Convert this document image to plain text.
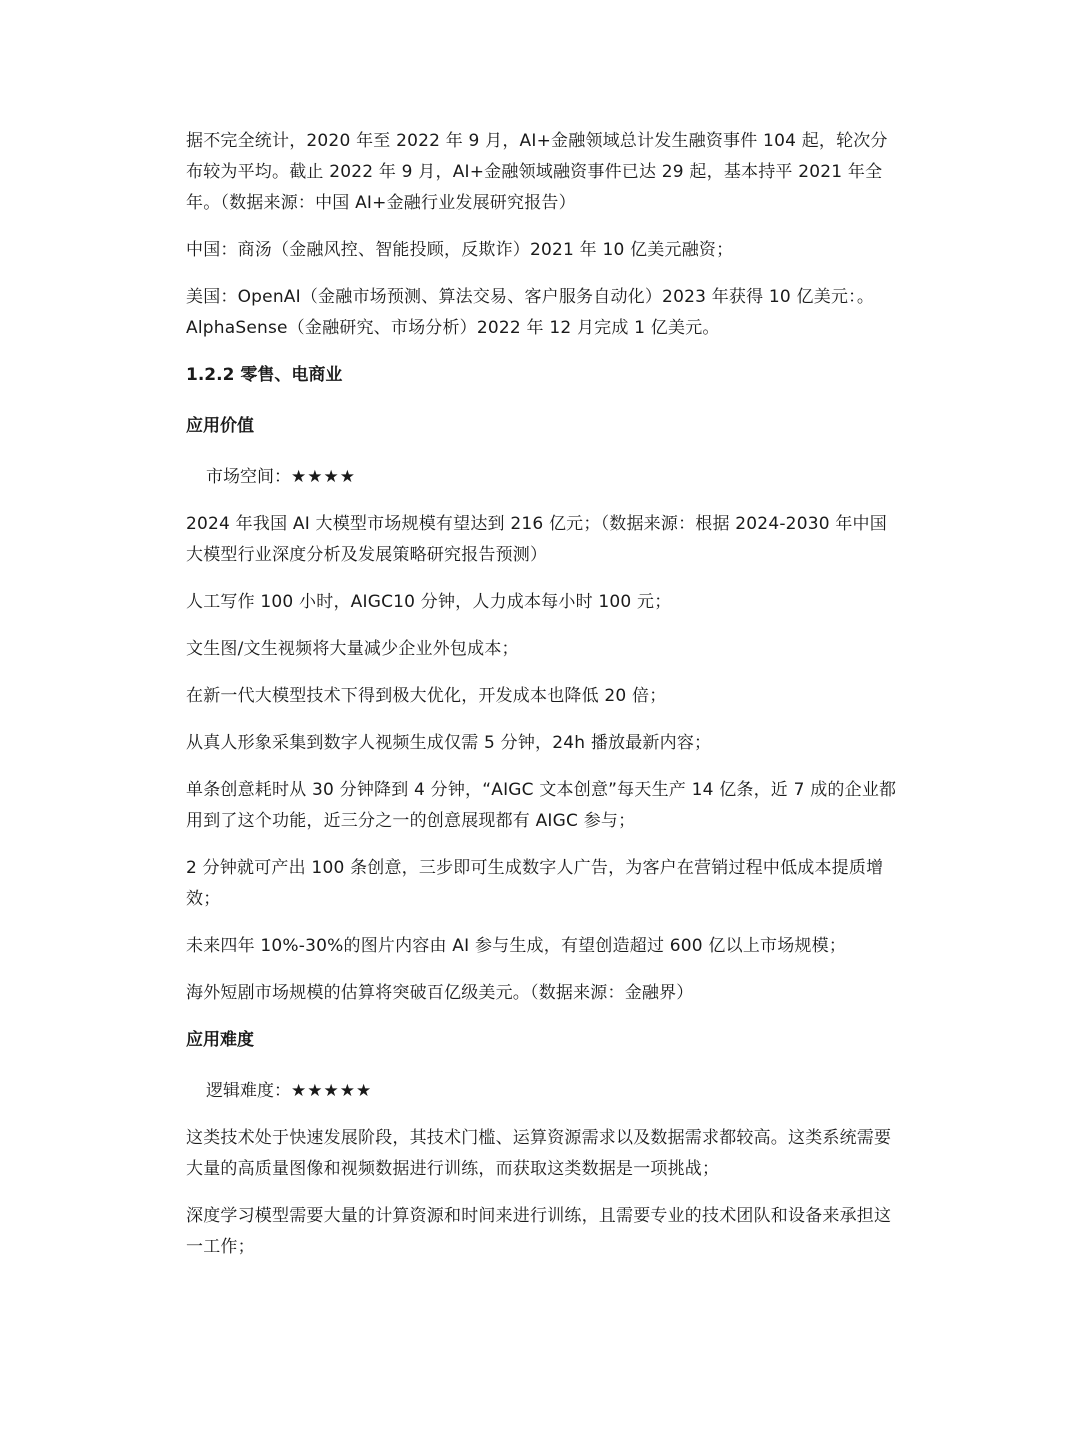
据不完全统计，2020 年至 2022 年 9 月，AI+金融领域总计发生融资事件 104 起，轮次分布较为平均。截止 2022 年 9 月，AI+金融领域融资事件已达 29 起，基本持平 2021 年全年。（数据来源：中国 AI+金融行业发展研究报告）

中国：商汤（金融风控、智能投顾，反欺诈）2021 年 10 亿美元融资；

美国：OpenAI（金融市场预测、算法交易、客户服务自动化）2023 年获得 10 亿美元：。AlphaSense（金融研究、市场分析）2022 年 12 月完成 1 亿美元。

1.2.2 零售、电商业
应用价值
市场空间：★★★★

2024 年我国 AI 大模型市场规模有望达到 216 亿元；（数据来源：根据 2024-2030 年中国大模型行业深度分析及发展策略研究报告预测）

人工写作 100 小时，AIGC10 分钟，人力成本每小时 100 元；

文生图/文生视频将大量减少企业外包成本；

在新一代大模型技术下得到极大优化，开发成本也降低 20 倍；

从真人形象采集到数字人视频生成仅需 5 分钟，24h 播放最新内容；

单条创意耗时从 30 分钟降到 4 分钟，“AIGC 文本创意”每天生产 14 亿条，近 7 成的企业都用到了这个功能，近三分之一的创意展现都有 AIGC 参与；

2 分钟就可产出 100 条创意，三步即可生成数字人广告，为客户在营销过程中低成本提质增效；

未来四年 10%-30%的图片内容由 AI 参与生成，有望创造超过 600 亿以上市场规模；

海外短剧市场规模的估算将突破百亿级美元。（数据来源：金融界）

应用难度
逻辑难度：★★★★★

这类技术处于快速发展阶段，其技术门槛、运算资源需求以及数据需求都较高。这类系统需要大量的高质量图像和视频数据进行训练，而获取这类数据是一项挑战；

深度学习模型需要大量的计算资源和时间来进行训练，且需要专业的技术团队和设备来承担这一工作；
